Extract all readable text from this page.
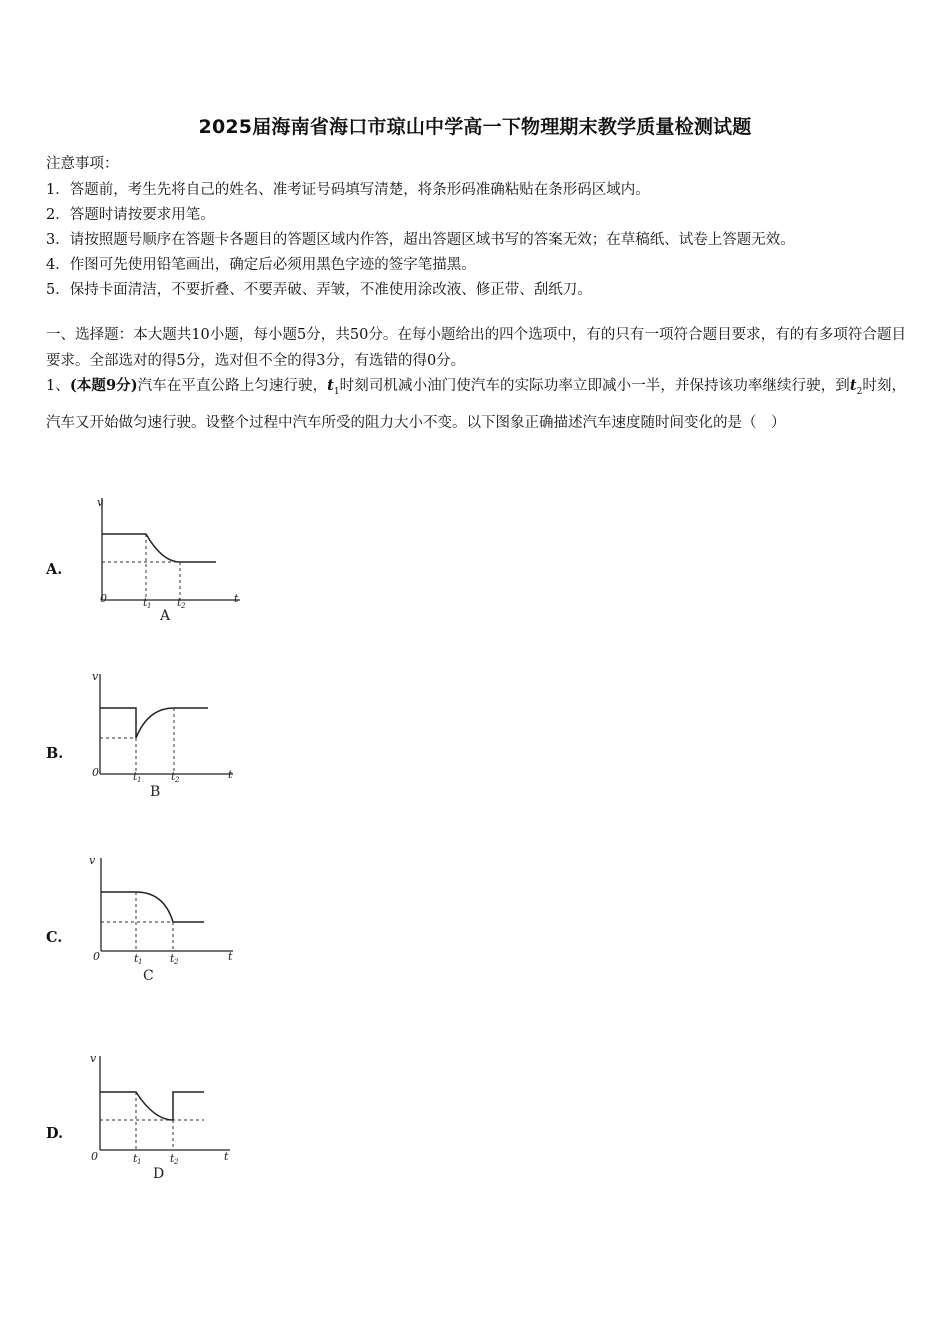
2025届海南省海口市琼山中学高一下物理期末教学质量检测试题
注意事项：
1．答题前，考生先将自己的姓名、准考证号码填写清楚，将条形码准确粘贴在条形码区域内。
2．答题时请按要求用笔。
3．请按照题号顺序在答题卡各题目的答题区域内作答，超出答题区域书写的答案无效；在草稿纸、试卷上答题无效。
4．作图可先使用铅笔画出，确定后必须用黑色字迹的签字笔描黑。
5．保持卡面清洁，不要折叠、不要弄破、弄皱，不准使用涂改液、修正带、刮纸刀。
一、选择题：本大题共10小题，每小题5分，共50分。在每小题给出的四个选项中，有的只有一项符合题目要求，有的有多项符合题目要求。全部选对的得5分，选对但不全的得3分，有选错的得0分。
1、(本题9分)汽车在平直公路上匀速行驶，$t_1$时刻司机减小油门使汽车的实际功率立即减小一半，并保持该功率继续行驶，到$t_2$时刻，汽车又开始做匀速行驶。设整个过程中汽车所受的阻力大小不变。以下图象正确描述汽车速度随时间变化的是（　）
A.
v
t
0	t 1 t 2
A
B.
v
t
0	t 1	t 2
B
C.
v
t
0	t 1	t 2
C
D.
v
t
0	t 1	t 2
D
